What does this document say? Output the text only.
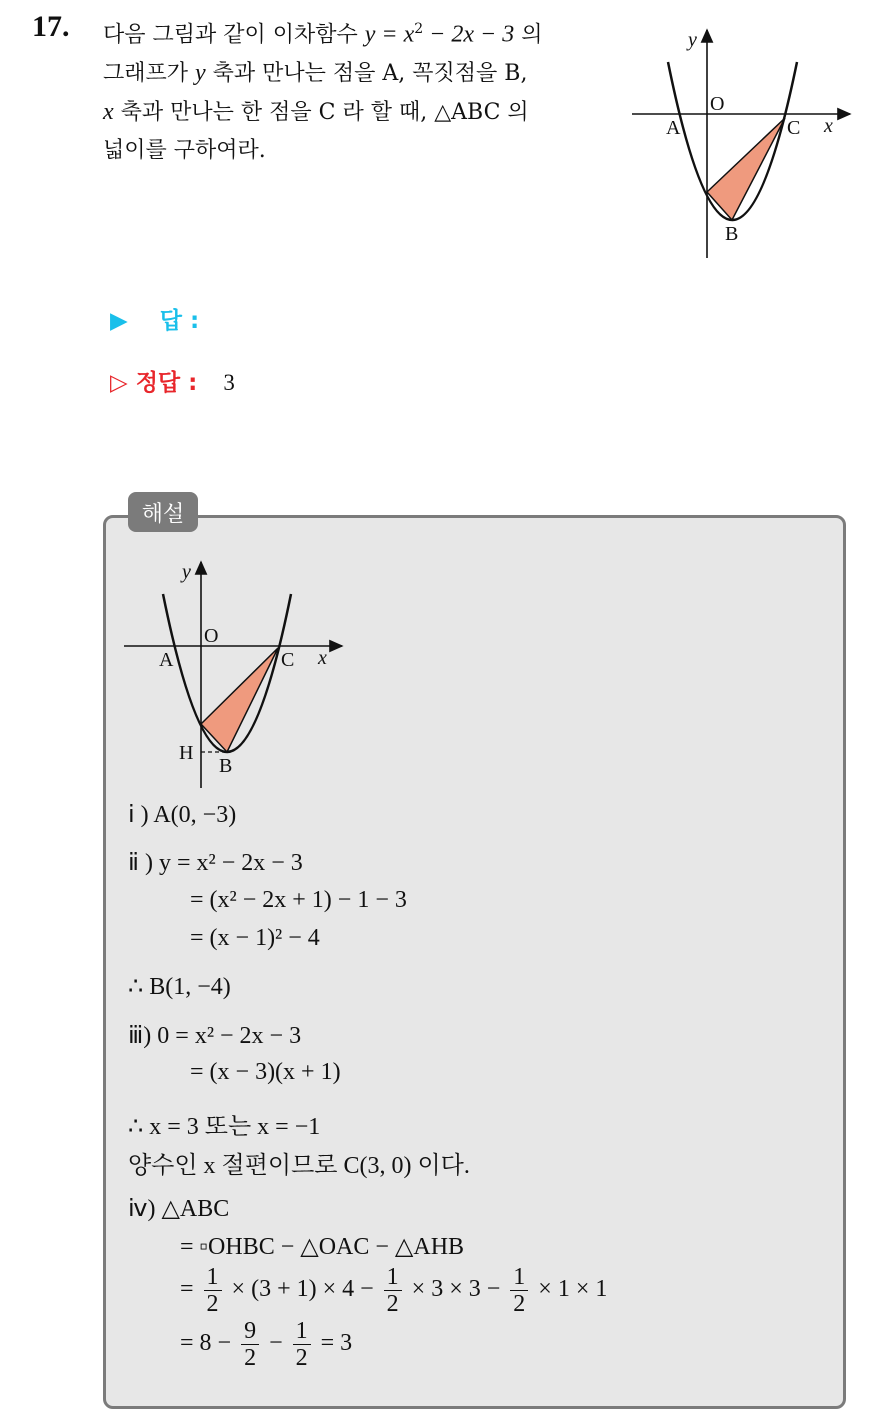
17. 다음 그림과 같이 이차함수 $y = x^2 - 2x - 3$ 의
그래프가 y 축과 만나는 점을 A, 꼭짓점을 B,
x 축과 만나는 한 점을 C 라 할 때, △ABC 의
넓이를 구하여라.
y
x
O
A	C
B
▶ 답 :
▷ 정답 : 3
해설
y
x
O
A	C
H
B
ⅰ ) A(0, −3)
ⅱ ) y = x² − 2x − 3
= (x² − 2x + 1) − 1 − 3
= (x − 1)² − 4
∴ B(1, −4)
ⅲ) 0 = x² − 2x − 3
= (x − 3)(x + 1)
∴ x = 3 또는 x = −1
양수인 x 절편이므로 C(3, 0) 이다.
ⅳ) △ABC
= ▫OHBC − △OAC − △AHB
= $\frac{1}{2} \times (3 + 1) \times 4 - \frac{1}{2} \times 3 \times 3 - \frac{1}{2} \times 1 \times 1$
= $8 - \frac{9}{2} - \frac{1}{2} = 3$
